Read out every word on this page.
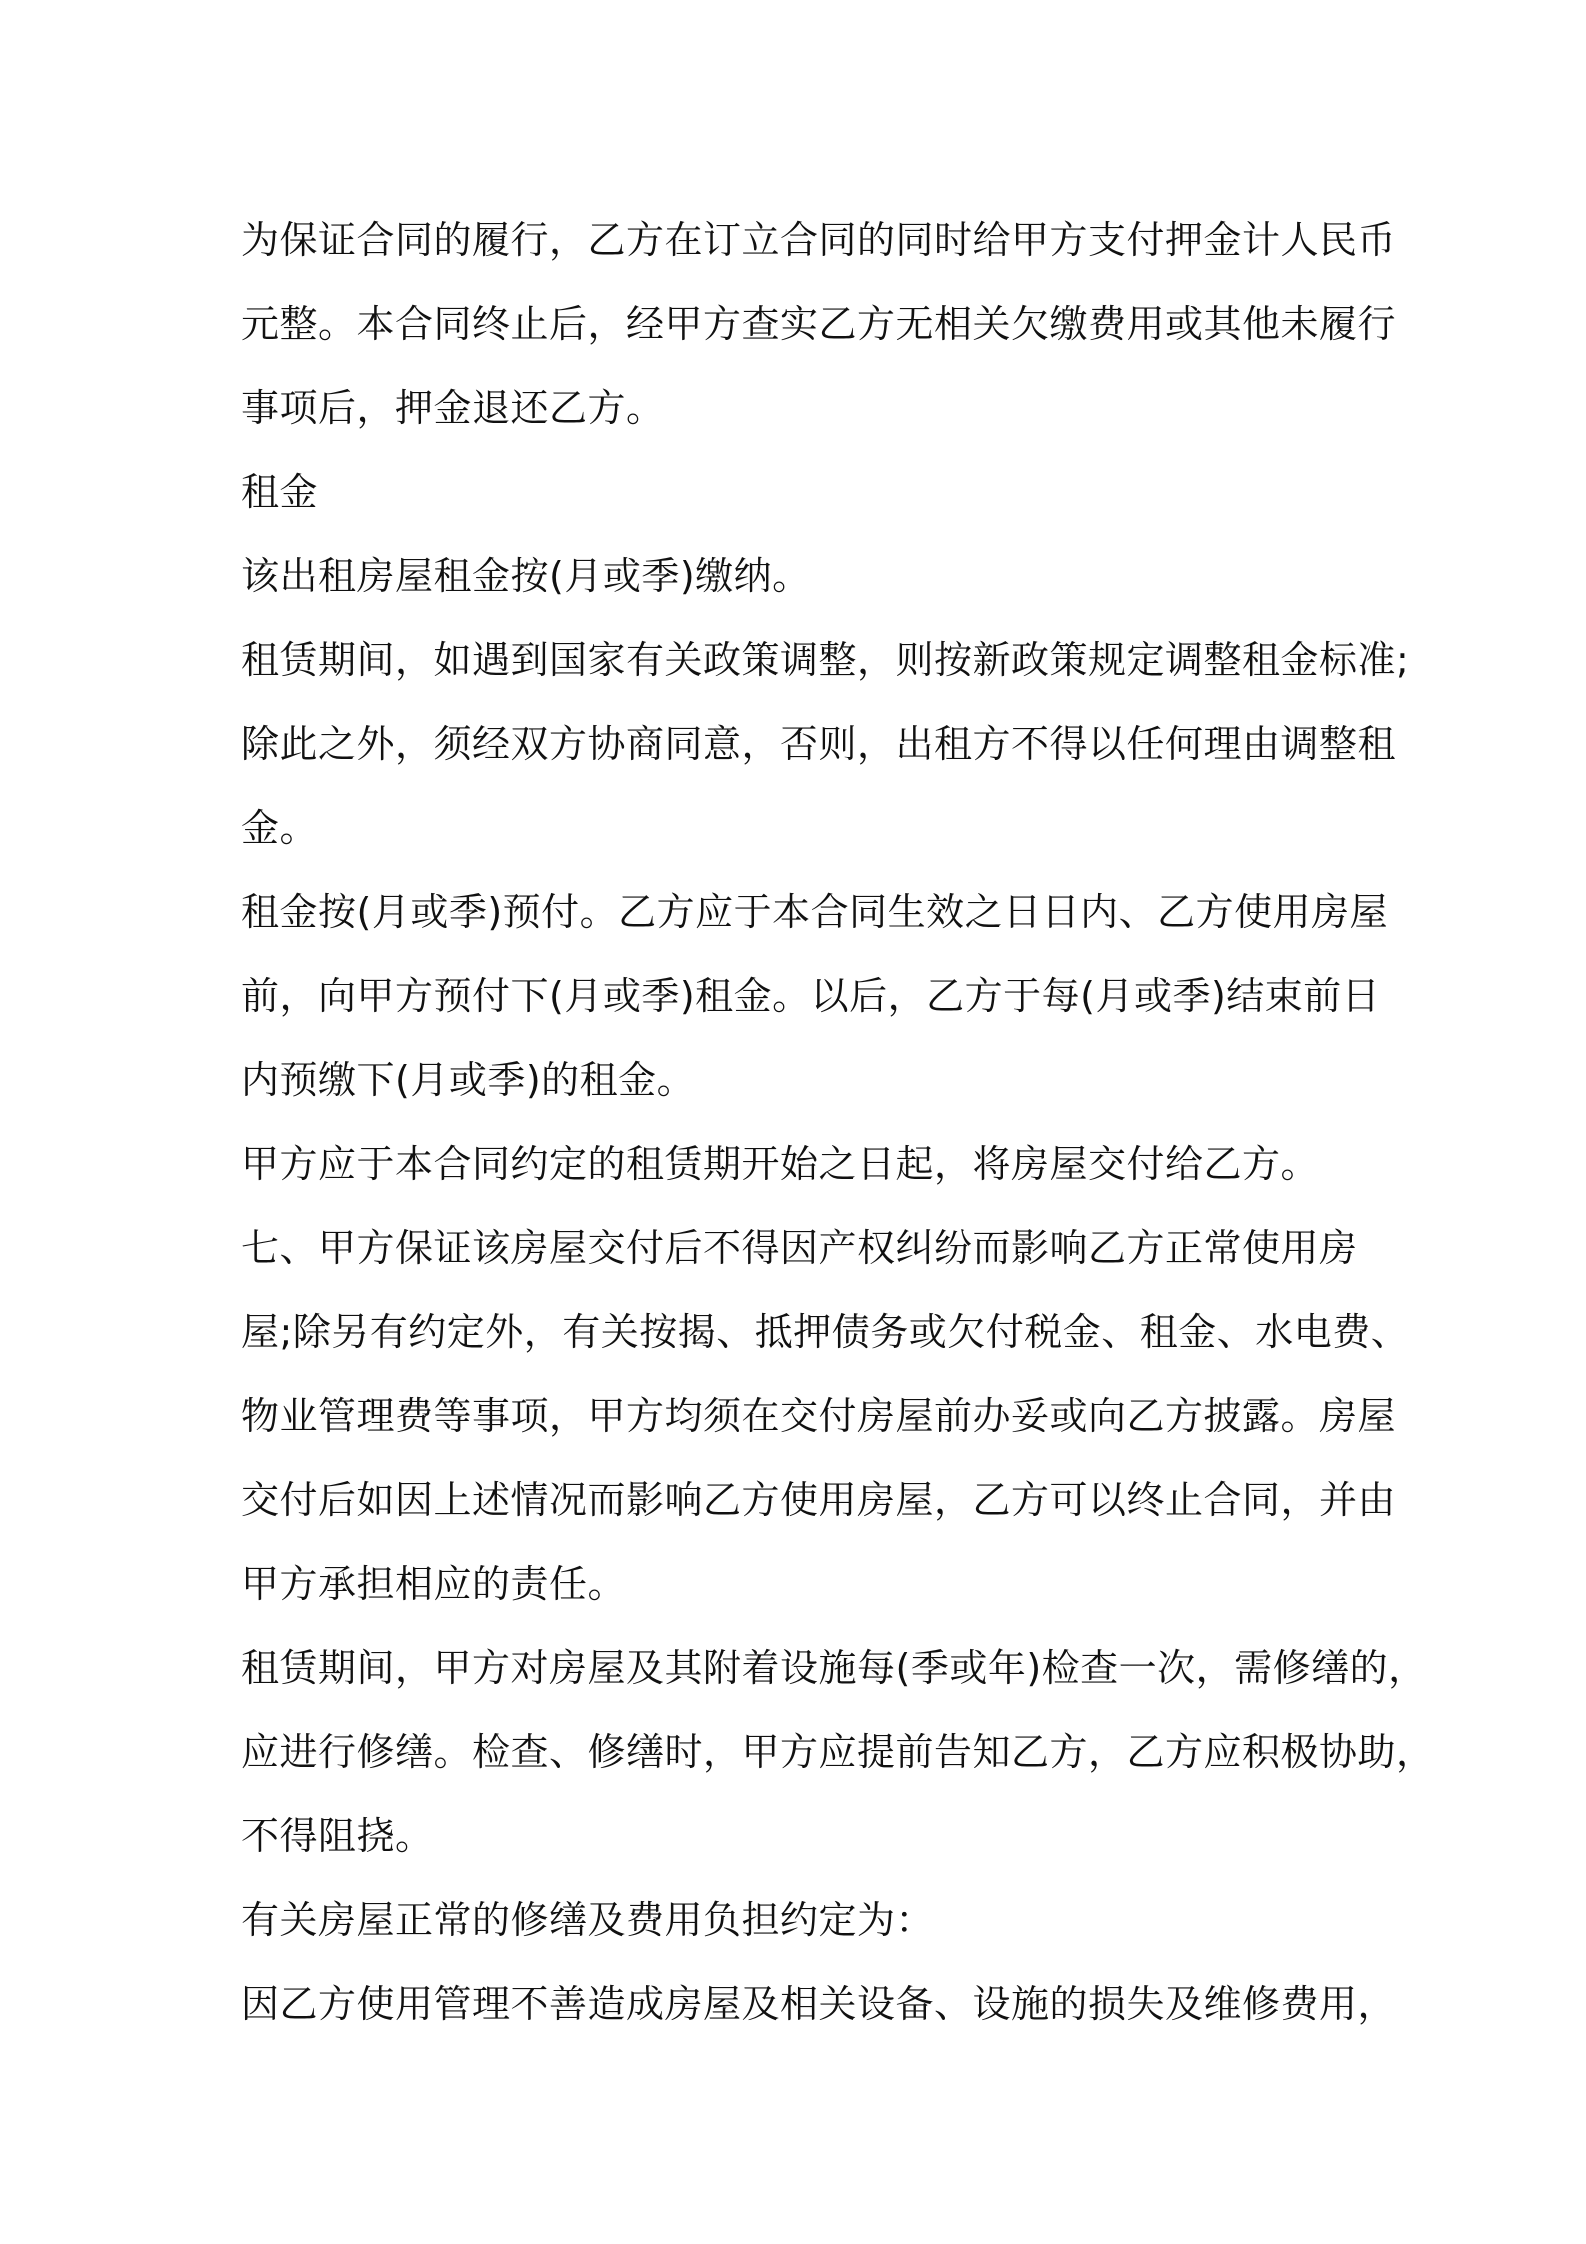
为保证合同的履行，乙方在订立合同的同时给甲方支付押金计人民币

元整。本合同终止后，经甲方查实乙方无相关欠缴费用或其他未履行

事项后，押金退还乙方。

租金

该出租房屋租金按(月或季)缴纳。

租赁期间，如遇到国家有关政策调整，则按新政策规定调整租金标准;

除此之外，须经双方协商同意，否则，出租方不得以任何理由调整租

金。

租金按(月或季)预付。乙方应于本合同生效之日日内、乙方使用房屋

前，向甲方预付下(月或季)租金。以后，乙方于每(月或季)结束前日

内预缴下(月或季)的租金。

甲方应于本合同约定的租赁期开始之日起，将房屋交付给乙方。

七、甲方保证该房屋交付后不得因产权纠纷而影响乙方正常使用房

屋;除另有约定外，有关按揭、抵押债务或欠付税金、租金、水电费、

物业管理费等事项，甲方均须在交付房屋前办妥或向乙方披露。房屋

交付后如因上述情况而影响乙方使用房屋，乙方可以终止合同，并由

甲方承担相应的责任。

租赁期间，甲方对房屋及其附着设施每(季或年)检查一次，需修缮的，

应进行修缮。检查、修缮时，甲方应提前告知乙方，乙方应积极协助，

不得阻挠。

有关房屋正常的修缮及费用负担约定为：

因乙方使用管理不善造成房屋及相关设备、设施的损失及维修费用，
